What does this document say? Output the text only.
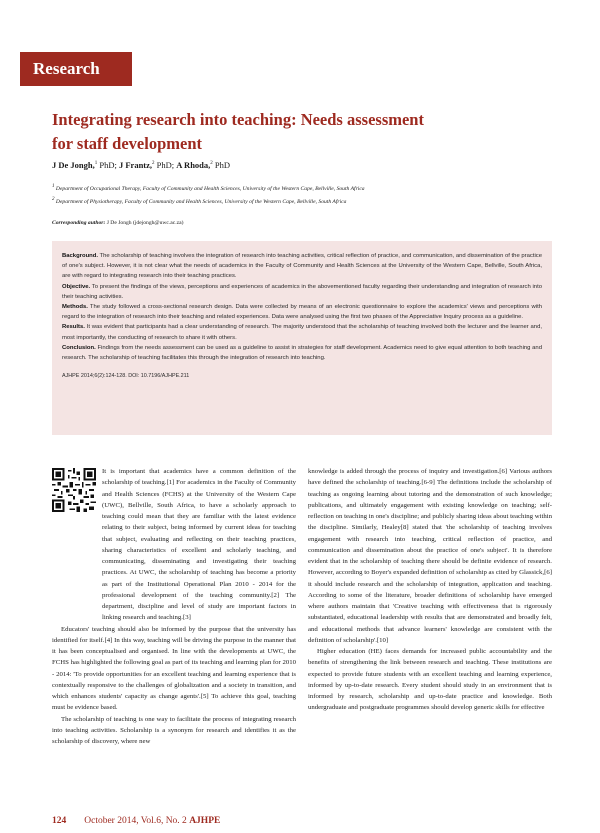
Research
Integrating research into teaching: Needs assessment
for staff development
J De Jongh,$^1$ PhD; J Frantz,$^2$ PhD; A Rhoda,$^2$ PhD
$^1$ Department of Occupational Therapy, Faculty of Community and Health Sciences, University of the Western Cape, Bellville, South Africa
$^2$ Department of Physiotherapy, Faculty of Community and Health Sciences, University of the Western Cape, Bellville, South Africa
Corresponding author: J De Jongh (jdejongh@uwc.ac.za)

Background. The scholarship of teaching involves the integration of research into teaching activities, critical reflection of practice, and communication, and dissemination of the practice of one's subject. However, it is not clear what the needs of academics in the Faculty of Community and Health Sciences at the University of the Western Cape, Bellville, South Africa, are with regard to integrating research into their teaching practices.

Objective. To present the findings of the views, perceptions and experiences of academics in the abovementioned faculty regarding their understanding and integration of research into their teaching activities.

Methods. The study followed a cross-sectional research design. Data were collected by means of an electronic questionnaire to explore the academics' views and perceptions with regard to the integration of research into their teaching and related experiences. Data were analysed using the first two phases of the Appreciative Inquiry process as a guideline.

Results. It was evident that participants had a clear understanding of research. The majority understood that the scholarship of teaching involved both the lecturer and the learner and, most importantly, the conducting of research to share it with others.

Conclusion. Findings from the needs assessment can be used as a guideline to assist in strategies for staff development. Academics need to give equal attention to both teaching and research. The scholarship of teaching facilitates this through the integration of research into teaching.

AJHPE 2014;6(2):124-128. DOI: 10.7196/AJHPE.211

It is important that academics have a common definition of the scholarship of teaching.[1] For academics in the Faculty of Community and Health Sciences (FCHS) at the University of the Western Cape (UWC), Bellville, South Africa, to have a scholarly approach to teaching could mean that they are familiar with the latest evidence relating to their subject, being informed by current ideas for teaching that subject, evaluating and reflecting on their teaching practices, sharing characteristics of excellent and scholarly teaching, and communicating, disseminating and investigating their teaching practices. At UWC, the scholarship of teaching has become a priority as part of the Institutional Operational Plan 2010 - 2014 for the professional development of the teaching community.[2] The department, discipline and level of study are important factors in linking research and teaching.[3]

Educators' teaching should also be informed by the purpose that the university has identified for itself.[4] In this way, teaching will be driving the purpose in the manner that it has been conceptualised and organised. In line with the developments at UWC, the FCHS has highlighted the following goal as part of its teaching and learning plan for 2010 - 2014: 'To provide opportunities for an excellent teaching and learning experience that is contextually responsive to the challenges of globalization and a society in transition, and which enhances students' capacity as change agents'.[5] To achieve this goal, teaching must be evidence based.

The scholarship of teaching is one way to facilitate the process of integrating research into teaching activities. Scholarship is a synonym for research and identifies it as the scholarship of discovery, where new

knowledge is added through the process of inquiry and investigation.[6] Various authors have defined the scholarship of teaching.[6-9] The definitions include the scholarship of teaching as ongoing learning about tutoring and the demonstration of such knowledge; publications, and ultimately engagement with existing knowledge on teaching; self-reflection on teaching in one's discipline; and publicly sharing ideas about teaching within the discipline. Similarly, Healey[8] stated that 'the scholarship of teaching involves engagement with research into teaching, critical reflection of practice, and communication and dissemination about the practice of one's subject'. It is therefore evident that in the scholarship of teaching there should be definite evidence of research. However, according to Boyer's expanded definition of scholarship as cited by Glassick,[6] it should include research and the scholarship of integration, application and teaching. According to some of the literature, broader definitions of scholarship have emerged where authors maintain that 'Creative teaching with effectiveness that is rigorously substantiated, educational leadership with results that are demonstrated and broadly felt, and educational methods that advance learners' knowledge are consistent with the definition of scholarship'.[10]

Higher education (HE) faces demands for increased public accountability and the benefits of strengthening the link between research and teaching. These institutions are expected to provide future students with an excellent teaching and learning experience, informed by up-to-date research. Every student should study in an environment that is informed by research, scholarship and up-to-date practice and knowledge. Both undergraduate and postgraduate programmes should develop generic skills for effective

124 October 2014, Vol.6, No. 2 AJHPE
